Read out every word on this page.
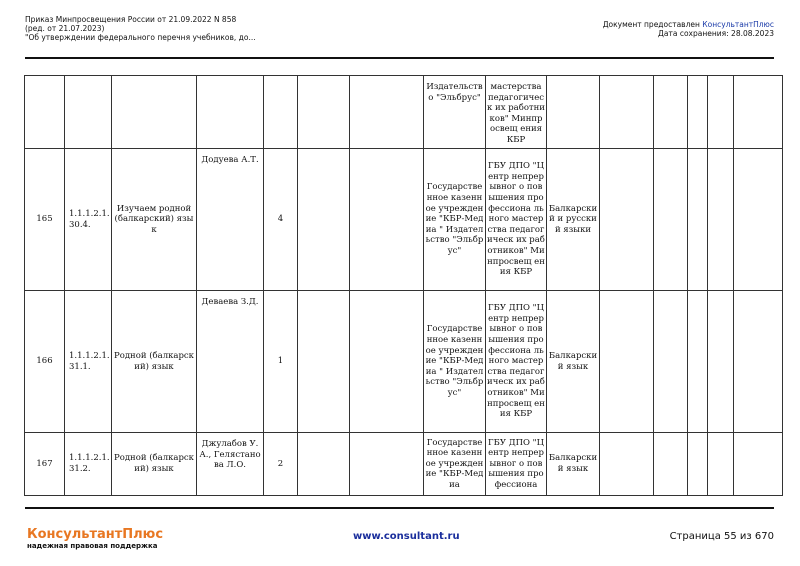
Приказ Минпросвещения России от 21.09.2022 N 858
(ред. от 21.07.2023)
"Об утверждении федерального перечня учебников, до...
Документ предоставлен КонсультантПлюс
Дата сохранения: 28.08.2023
							Издательство "Эльбрус"	мастерства педагогическ их работников" Минпросвещ ения КБР						
165	1.1.1.2.1. 30.4.	Изучаем родной (балкарский) язык	Додуева А.Т.	4			Государстве нное казенное учреждение "КБР-Медиа " Издательство "Эльбрус"	ГБУ ДПО "Центр непрерывног о повышения профессиона льного мастерства педагогическ их работников" Минпросвещ ения КБР	Балкарский и русский языки					
166	1.1.1.2.1. 31.1.	Родной (балкарский) язык	Деваева З.Д.	1			Государстве нное казенное учреждение "КБР-Медиа " Издательство "Эльбрус"	ГБУ ДПО "Центр непрерывног о повышения профессиона льного мастерства педагогическ их работников" Минпросвещ ения КБР	Балкарский язык					
167	1.1.1.2.1. 31.2.	Родной (балкарский) язык	Джулабов У.А., Гелястанова Л.О.	2			Государстве нное казенное учреждение "КБР-Медиа	ГБУ ДПО "Центр непрерывног о повышения профессиона	Балкарский язык					
КонсультантПлюс
надежная правовая поддержка
www.consultant.ru	Страница 55 из 670
